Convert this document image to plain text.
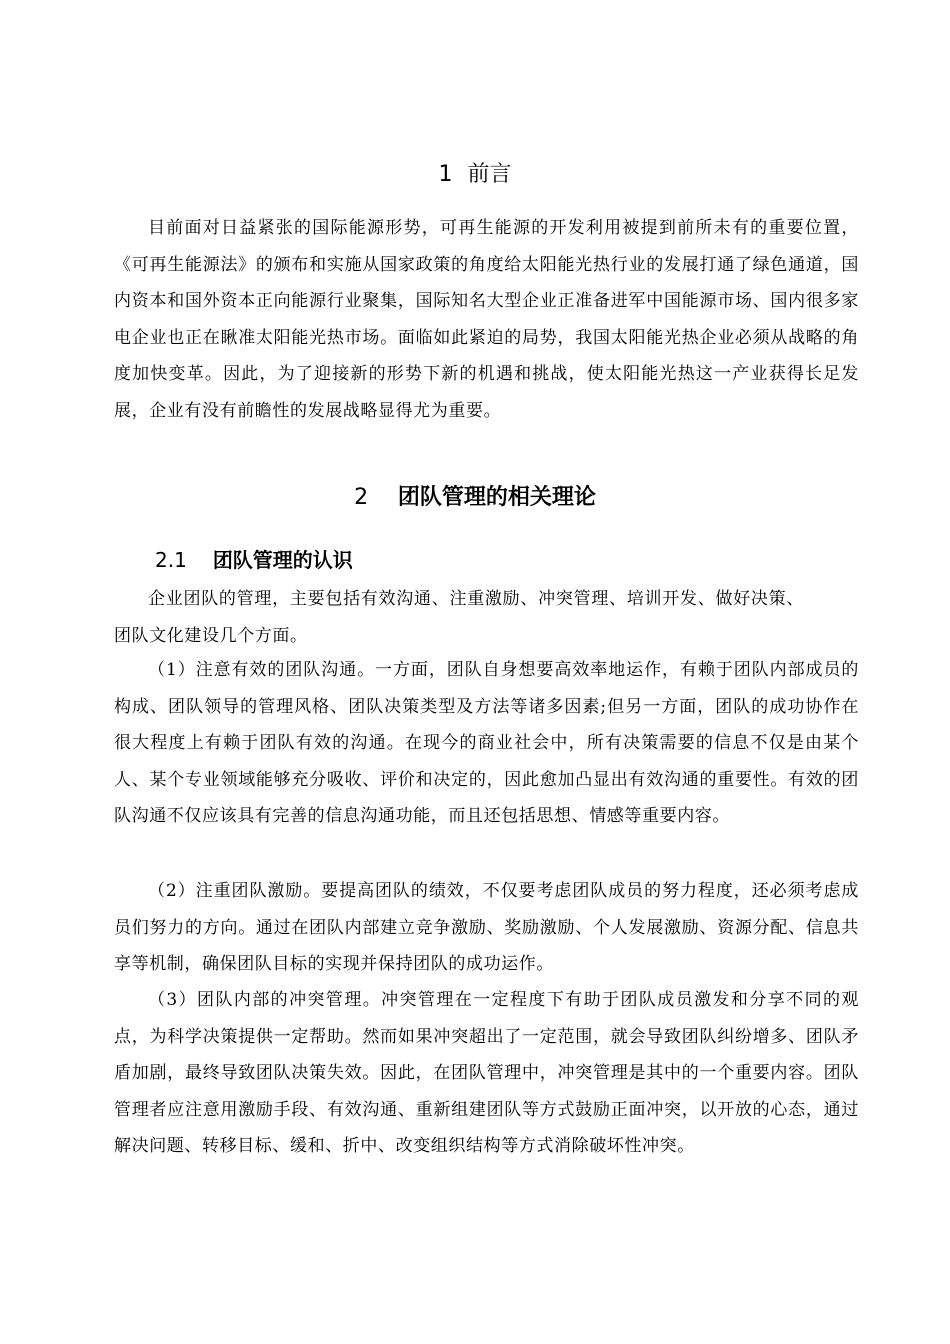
1 前言

目前面对日益紧张的国际能源形势，可再生能源的开发利用被提到前所未有的重要位置，《可再生能源法》的颁布和实施从国家政策的角度给太阳能光热行业的发展打通了绿色通道，国内资本和国外资本正向能源行业聚集，国际知名大型企业正准备进军中国能源市场、国内很多家电企业也正在瞅准太阳能光热市场。面临如此紧迫的局势，我国太阳能光热企业必须从战略的角度加快变革。因此，为了迎接新的形势下新的机遇和挑战，使太阳能光热这一产业获得长足发展，企业有没有前瞻性的发展战略显得尤为重要。

2 团队管理的相关理论
2.1 团队管理的认识

企业团队的管理，主要包括有效沟通、注重激励、冲突管理、培训开发、做好决策、团队文化建设几个方面。

（1）注意有效的团队沟通。一方面，团队自身想要高效率地运作，有赖于团队内部成员的构成、团队领导的管理风格、团队决策类型及方法等诸多因素;但另一方面，团队的成功协作在很大程度上有赖于团队有效的沟通。在现今的商业社会中，所有决策需要的信息不仅是由某个人、某个专业领域能够充分吸收、评价和决定的，因此愈加凸显出有效沟通的重要性。有效的团队沟通不仅应该具有完善的信息沟通功能，而且还包括思想、情感等重要内容。

（2）注重团队激励。要提高团队的绩效，不仅要考虑团队成员的努力程度，还必须考虑成员们努力的方向。通过在团队内部建立竞争激励、奖励激励、个人发展激励、资源分配、信息共享等机制，确保团队目标的实现并保持团队的成功运作。

（3）团队内部的冲突管理。冲突管理在一定程度下有助于团队成员激发和分享不同的观点，为科学决策提供一定帮助。然而如果冲突超出了一定范围，就会导致团队纠纷增多、团队矛盾加剧，最终导致团队决策失效。因此，在团队管理中，冲突管理是其中的一个重要内容。团队管理者应注意用激励手段、有效沟通、重新组建团队等方式鼓励正面冲突，以开放的心态，通过解决问题、转移目标、缓和、折中、改变组织结构等方式消除破坏性冲突。
